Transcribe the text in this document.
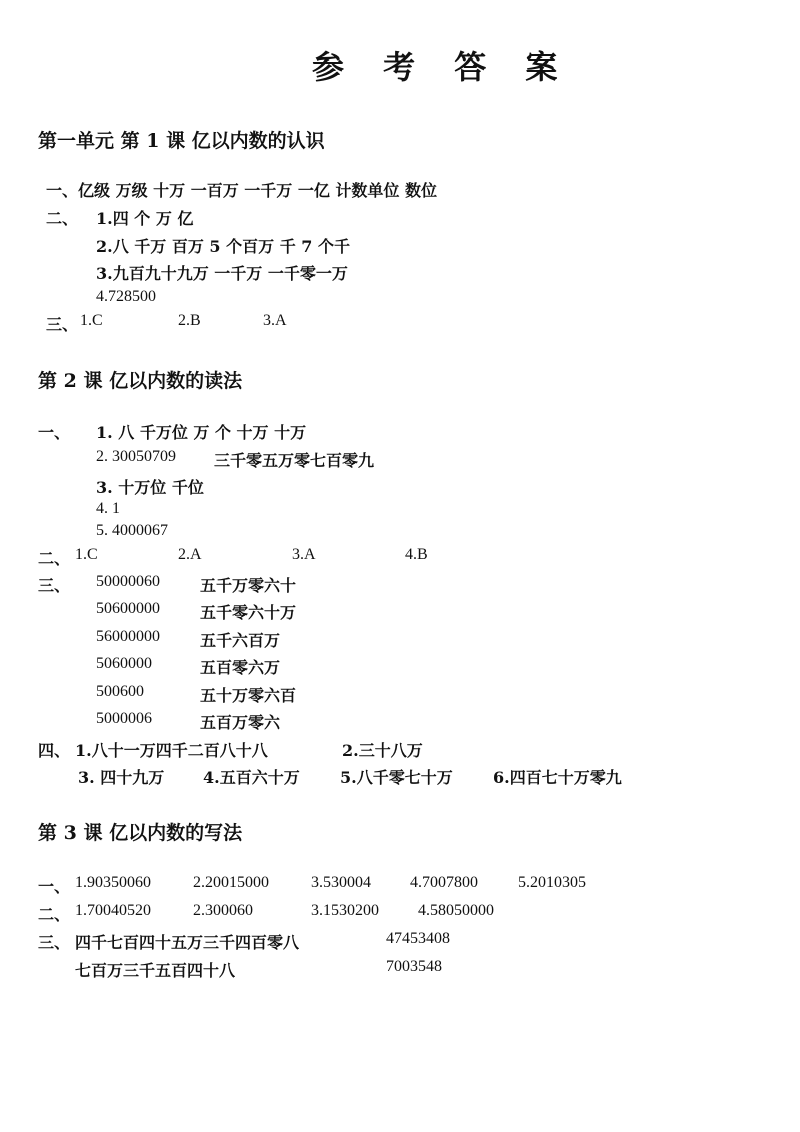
参 考 答 案
第一单元 第 1 课 亿以内数的认识
一、亿级 万级 十万 一百万 一千万 一亿 计数单位 数位
二、 1.四 个 万 亿
2.八 千万 百万 5 个百万 千 7 个千
3.九百九十九万 一千万 一千零一万
4.728500
三、 1.C	2.B	3.A
第 2 课 亿以内数的读法
一、 1. 八 千万位 万 个 十万 十万
2. 30050709 三千零五万零七百零九
3. 十万位 千位
4. 1
5. 4000067
二、 1.C	2.A	3.A	4.B
三、 50000060	五千万零六十
50600000	五千零六十万
56000000	五千六百万
5060000	五百零六万
500600	五十万零六百
5000006	五百万零六
四、 1.八十一万四千二百八十八	2.三十八万
3. 四十九万 4.五百六十万	5.八千零七十万	6.四百七十万零九
第 3 课 亿以内数的写法
一、 1.90350060	2.20015000	3.530004 4.7007800	5.2010305
二、 1.70040520	2.300060	3.1530200 4.58050000
三、 四千七百四十五万三千四百零八	47453408
七百万三千五百四十八	7003548
